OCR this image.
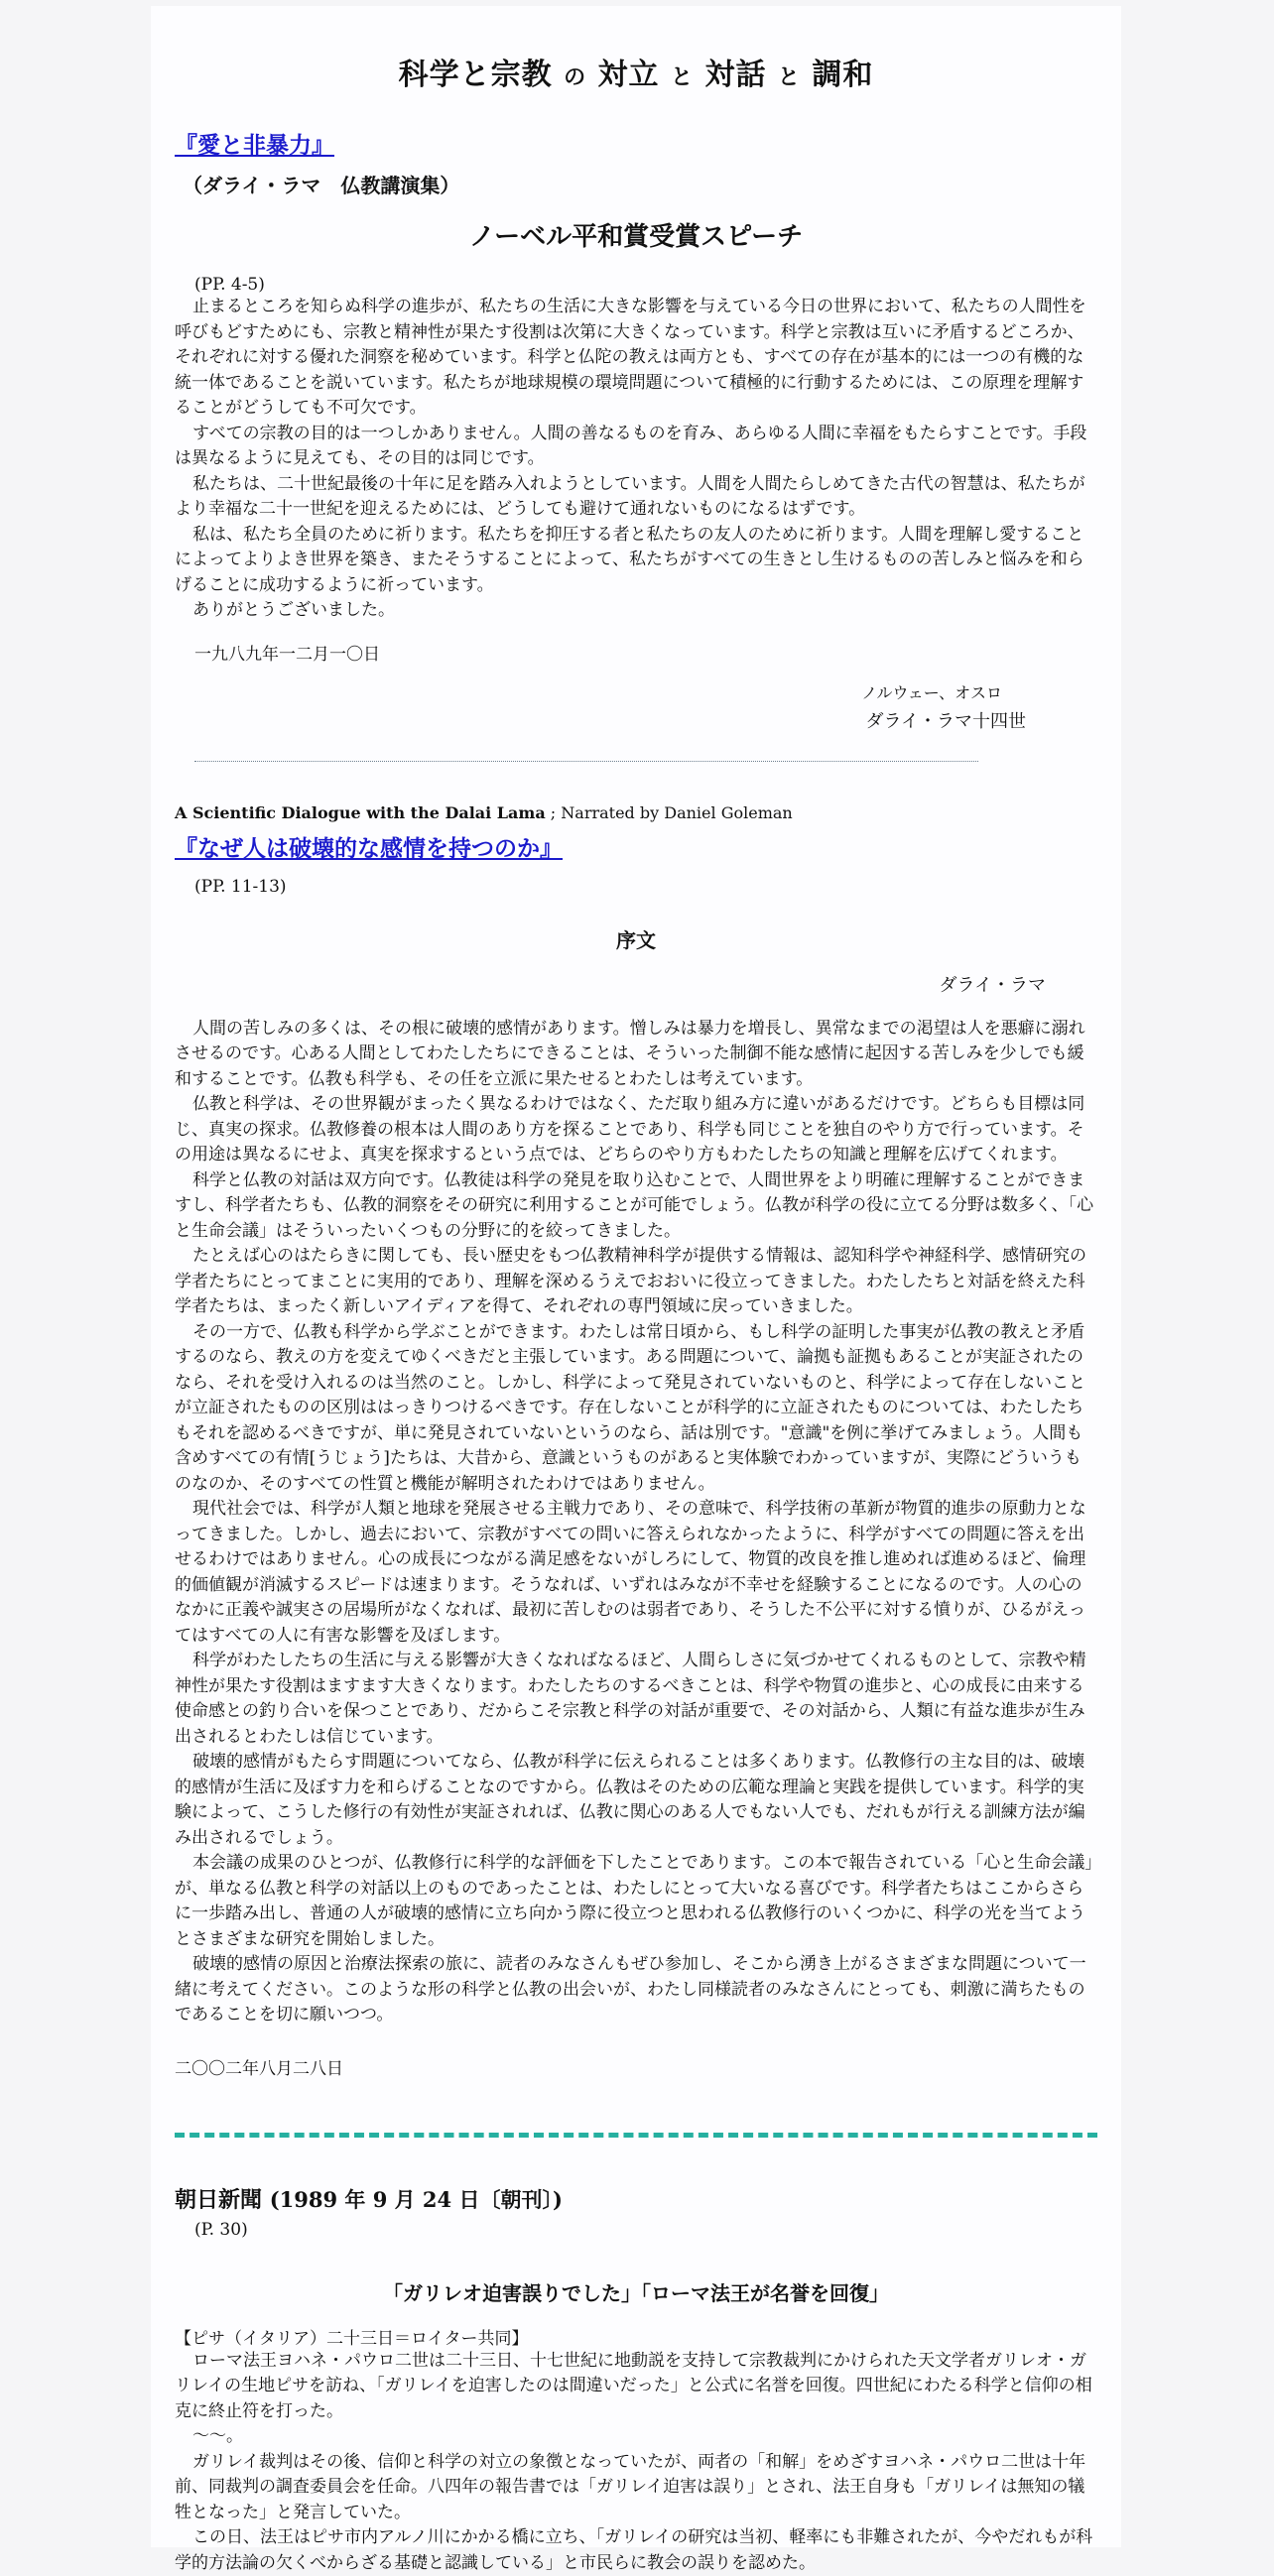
科学と宗教 の 対立 と 対話 と 調和
『愛と非暴力』
（ダライ・ラマ　仏教講演集）
ノーベル平和賞受賞スピーチ
(PP. 4-5)

止まるところを知らぬ科学の進歩が、私たちの生活に大きな影響を与えている今日の世界において、私たちの人間性を呼びもどすためにも、宗教と精神性が果たす役割は次第に大きくなっています。科学と宗教は互いに矛盾するどころか、それぞれに対する優れた洞察を秘めています。科学と仏陀の教えは両方とも、すべての存在が基本的には一つの有機的な統一体であることを説いています。私たちが地球規模の環境問題について積極的に行動するためには、この原理を理解することがどうしても不可欠です。

すべての宗教の目的は一つしかありません。人間の善なるものを育み、あらゆる人間に幸福をもたらすことです。手段は異なるように見えても、その目的は同じです。

私たちは、二十世紀最後の十年に足を踏み入れようとしています。人間を人間たらしめてきた古代の智慧は、私たちがより幸福な二十一世紀を迎えるためには、どうしても避けて通れないものになるはずです。

私は、私たち全員のために祈ります。私たちを抑圧する者と私たちの友人のために祈ります。人間を理解し愛することによってよりよき世界を築き、またそうすることによって、私たちがすべての生きとし生けるものの苦しみと悩みを和らげることに成功するように祈っています。

ありがとうございました。

一九八九年一二月一〇日
ノルウェー、オスロ
ダライ・ラマ十四世
A Scientific Dialogue with the Dalai Lama ; Narrated by Daniel Goleman
『なぜ人は破壊的な感情を持つのか』
(PP. 11-13)
序文
ダライ・ラマ

人間の苦しみの多くは、その根に破壊的感情があります。憎しみは暴力を増長し、異常なまでの渇望は人を悪癖に溺れさせるのです。心ある人間としてわたしたちにできることは、そういった制御不能な感情に起因する苦しみを少しでも緩和することです。仏教も科学も、その任を立派に果たせるとわたしは考えています。

仏教と科学は、その世界観がまったく異なるわけではなく、ただ取り組み方に違いがあるだけです。どちらも目標は同じ、真実の探求。仏教修養の根本は人間のあり方を探ることであり、科学も同じことを独自のやり方で行っています。その用途は異なるにせよ、真実を探求するという点では、どちらのやり方もわたしたちの知識と理解を広げてくれます。

科学と仏教の対話は双方向です。仏教徒は科学の発見を取り込むことで、人間世界をより明確に理解することができますし、科学者たちも、仏教的洞察をその研究に利用することが可能でしょう。仏教が科学の役に立てる分野は数多く、「心と生命会議」はそういったいくつもの分野に的を絞ってきました。

たとえば心のはたらきに関しても、長い歴史をもつ仏教精神科学が提供する情報は、認知科学や神経科学、感情研究の学者たちにとってまことに実用的であり、理解を深めるうえでおおいに役立ってきました。わたしたちと対話を終えた科学者たちは、まったく新しいアイディアを得て、それぞれの専門領域に戻っていきました。

その一方で、仏教も科学から学ぶことができます。わたしは常日頃から、もし科学の証明した事実が仏教の教えと矛盾するのなら、教えの方を変えてゆくべきだと主張しています。ある問題について、論拠も証拠もあることが実証されたのなら、それを受け入れるのは当然のこと。しかし、科学によって発見されていないものと、科学によって存在しないことが立証されたものの区別ははっきりつけるべきです。存在しないことが科学的に立証されたものについては、わたしたちもそれを認めるべきですが、単に発見されていないというのなら、話は別です。"意識"を例に挙げてみましょう。人間も含めすべての有情[うじょう]たちは、大昔から、意識というものがあると実体験でわかっていますが、実際にどういうものなのか、そのすべての性質と機能が解明されたわけではありません。

現代社会では、科学が人類と地球を発展させる主戦力であり、その意味で、科学技術の革新が物質的進歩の原動力となってきました。しかし、過去において、宗教がすべての問いに答えられなかったように、科学がすべての問題に答えを出せるわけではありません。心の成長につながる満足感をないがしろにして、物質的改良を推し進めれば進めるほど、倫理的価値観が消滅するスピードは速まります。そうなれば、いずれはみなが不幸せを経験することになるのです。人の心のなかに正義や誠実さの居場所がなくなれば、最初に苦しむのは弱者であり、そうした不公平に対する憤りが、ひるがえってはすべての人に有害な影響を及ぼします。

科学がわたしたちの生活に与える影響が大きくなればなるほど、人間らしさに気づかせてくれるものとして、宗教や精神性が果たす役割はますます大きくなります。わたしたちのするべきことは、科学や物質の進歩と、心の成長に由来する使命感との釣り合いを保つことであり、だからこそ宗教と科学の対話が重要で、その対話から、人類に有益な進歩が生み出されるとわたしは信じています。

破壊的感情がもたらす問題についてなら、仏教が科学に伝えられることは多くあります。仏教修行の主な目的は、破壊的感情が生活に及ぼす力を和らげることなのですから。仏教はそのための広範な理論と実践を提供しています。科学的実験によって、こうした修行の有効性が実証されれば、仏教に関心のある人でもない人でも、だれもが行える訓練方法が編み出されるでしょう。

本会議の成果のひとつが、仏教修行に科学的な評価を下したことであります。この本で報告されている「心と生命会議」が、単なる仏教と科学の対話以上のものであったことは、わたしにとって大いなる喜びです。科学者たちはここからさらに一歩踏み出し、普通の人が破壊的感情に立ち向かう際に役立つと思われる仏教修行のいくつかに、科学の光を当てようとさまざまな研究を開始しました。

破壊的感情の原因と治療法探索の旅に、読者のみなさんもぜひ参加し、そこから湧き上がるさまざまな問題について一緒に考えてください。このような形の科学と仏教の出会いが、わたし同様読者のみなさんにとっても、刺激に満ちたものであることを切に願いつつ。

二〇〇二年八月二八日
朝日新聞 (1989 年 9 月 24 日〔朝刊〕)
(P. 30)
「ガリレオ迫害誤りでした」「ローマ法王が名誉を回復」
【ピサ（イタリア）二十三日＝ロイター共同】

ローマ法王ヨハネ・パウロ二世は二十三日、十七世紀に地動説を支持して宗教裁判にかけられた天文学者ガリレオ・ガリレイの生地ピサを訪ね、「ガリレイを迫害したのは間違いだった」と公式に名誉を回復。四世紀にわたる科学と信仰の相克に終止符を打った。

～～。

ガリレイ裁判はその後、信仰と科学の対立の象徴となっていたが、両者の「和解」をめざすヨハネ・パウロ二世は十年前、同裁判の調査委員会を任命。八四年の報告書では「ガリレイ迫害は誤り」とされ、法王自身も「ガリレイは無知の犠牲となった」と発言していた。

この日、法王はピサ市内アルノ川にかかる橋に立ち、「ガリレイの研究は当初、軽率にも非難されたが、今やだれもが科学的方法論の欠くべからざる基礎と認識している」と市民らに教会の誤りを認めた。
